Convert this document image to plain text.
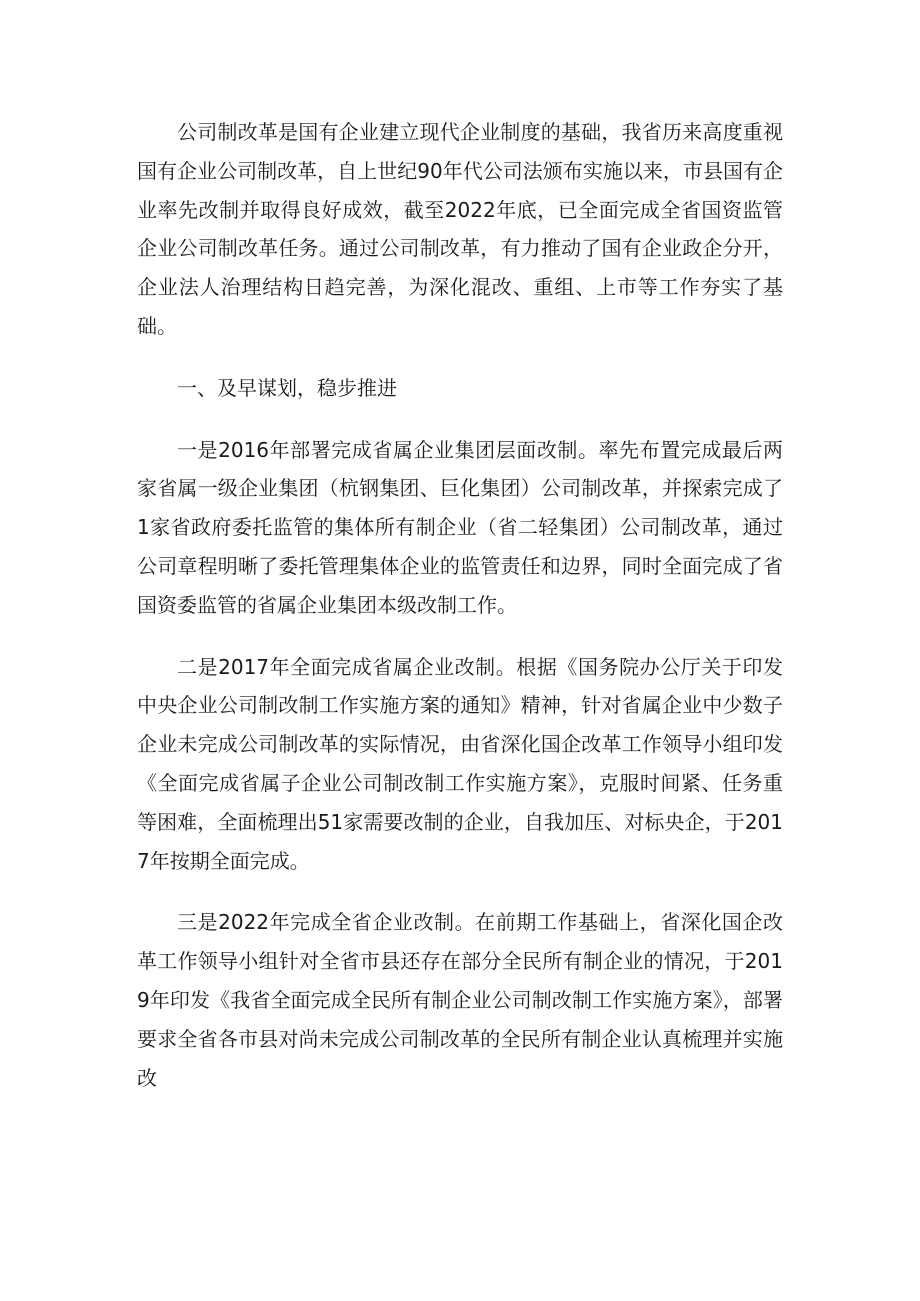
公司制改革是国有企业建立现代企业制度的基础，我省历来高度重视国有企业公司制改革，自上世纪90年代公司法颁布实施以来，市县国有企业率先改制并取得良好成效，截至2022年底，已全面完成全省国资监管企业公司制改革任务。通过公司制改革，有力推动了国有企业政企分开，企业法人治理结构日趋完善，为深化混改、重组、上市等工作夯实了基础。

一、及早谋划，稳步推进

一是2016年部署完成省属企业集团层面改制。率先布置完成最后两家省属一级企业集团（杭钢集团、巨化集团）公司制改革，并探索完成了1家省政府委托监管的集体所有制企业（省二轻集团）公司制改革，通过公司章程明晰了委托管理集体企业的监管责任和边界，同时全面完成了省国资委监管的省属企业集团本级改制工作。

二是2017年全面完成省属企业改制。根据《国务院办公厅关于印发中央企业公司制改制工作实施方案的通知》精神，针对省属企业中少数子企业未完成公司制改革的实际情况，由省深化国企改革工作领导小组印发《全面完成省属子企业公司制改制工作实施方案》，克服时间紧、任务重等困难，全面梳理出51家需要改制的企业，自我加压、对标央企，于2017年按期全面完成。

三是2022年完成全省企业改制。在前期工作基础上，省深化国企改革工作领导小组针对全省市县还存在部分全民所有制企业的情况，于2019年印发《我省全面完成全民所有制企业公司制改制工作实施方案》，部署要求全省各市县对尚未完成公司制改革的全民所有制企业认真梳理并实施改
